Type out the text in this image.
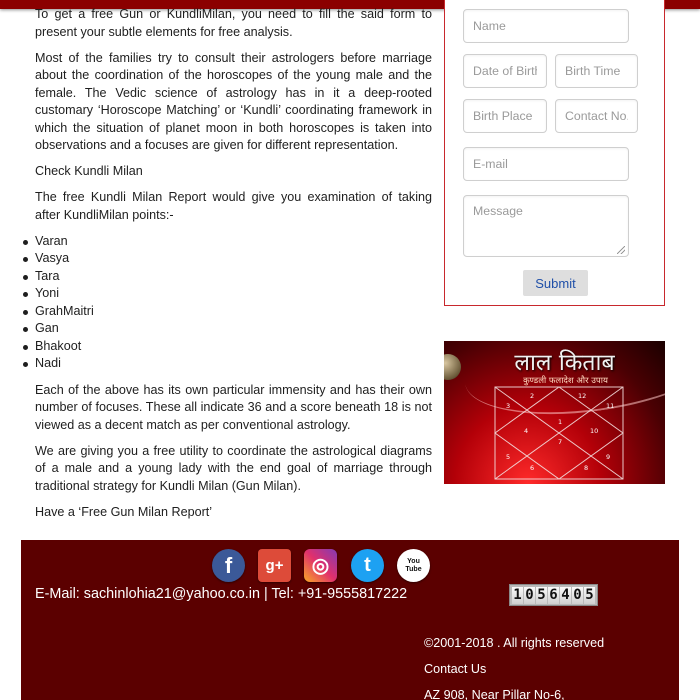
To get a free Gun or KundliMilan, you need to fill the said form to present your subtle elements for free analysis.

Most of the families try to consult their astrologers before marriage about the coordination of the horoscopes of the young male and the female. The Vedic science of astrology has in it a deep-rooted customary ‘Horoscope Matching’ or ‘Kundli’ coordinating framework in which the situation of planet moon in both horoscopes is taken into observations and a focuses are given for different representation.

Check Kundli Milan

The free Kundli Milan Report would give you examination of taking after KundliMilan points:-

Varan
Vasya
Tara
Yoni
GrahMaitri
Gan
Bhakoot
Nadi

Each of the above has its own particular immensity and has their own number of focuses. These all indicate 36 and a score beneath 18 is not viewed as a decent match as per conventional astrology.

We are giving you a free utility to coordinate the astrological diagrams of a male and a young lady with the end goal of marriage through traditional strategy for Kundli Milan (Gun Milan).

Have a ‘Free Gun Milan Report’

Name
Date of Birth
Birth Time
Birth Place
Contact No.
E-mail
Message
Submit
लाल किताब
कुण्डली फलादेश और उपाय
12
1
2
3
4
5
6
7
8
9
10
11
f g+ ◎ t	You Tube
E-Mail: sachinlohia21@yahoo.co.in | Tel: +91-9555817222	1 0 5 6 4 0 5
©2001-2018 . All rights reserved
Contact Us
AZ 908, Near Pillar No-6,
